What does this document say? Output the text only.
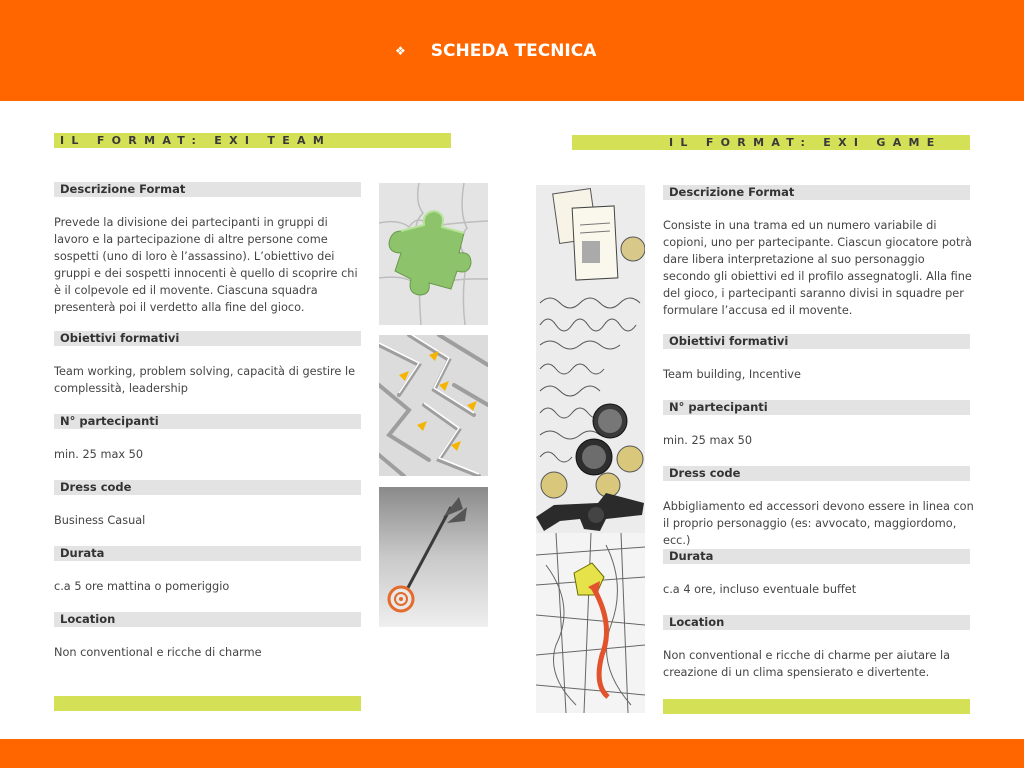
❖ SCHEDA TECNICA
IL FORMAT: EXI TEAM
Descrizione Format
Prevede la divisione dei partecipanti in gruppi di lavoro e la partecipazione di altre persone come sospetti (uno di loro è l’assassino). L’obiettivo dei gruppi e dei sospetti innocenti è quello di scoprire chi è il colpevole ed il movente. Ciascuna squadra presenterà poi il verdetto alla fine del gioco.
Obiettivi formativi
Team working, problem solving, capacità di gestire le complessità, leadership
N° partecipanti
min. 25 max 50
Dress code
Business Casual
Durata
c.a 5 ore mattina o pomeriggio
Location
Non conventional e ricche di charme
IL FORMAT: EXI GAME
Descrizione Format
Consiste in una trama ed un numero variabile di copioni, uno per partecipante. Ciascun giocatore potrà dare libera interpretazione al suo personaggio secondo gli obiettivi ed il profilo assegnatogli. Alla fine del gioco, i partecipanti saranno divisi in squadre per formulare l’accusa ed il movente.
Obiettivi formativi
Team building, Incentive
N° partecipanti
min. 25 max 50
Dress code
Abbigliamento ed accessori devono essere in linea con il proprio personaggio (es: avvocato, maggiordomo, ecc.)
Durata
c.a 4 ore, incluso eventuale buffet
Location
Non conventional e ricche di charme per aiutare la creazione di un clima spensierato e divertente.
